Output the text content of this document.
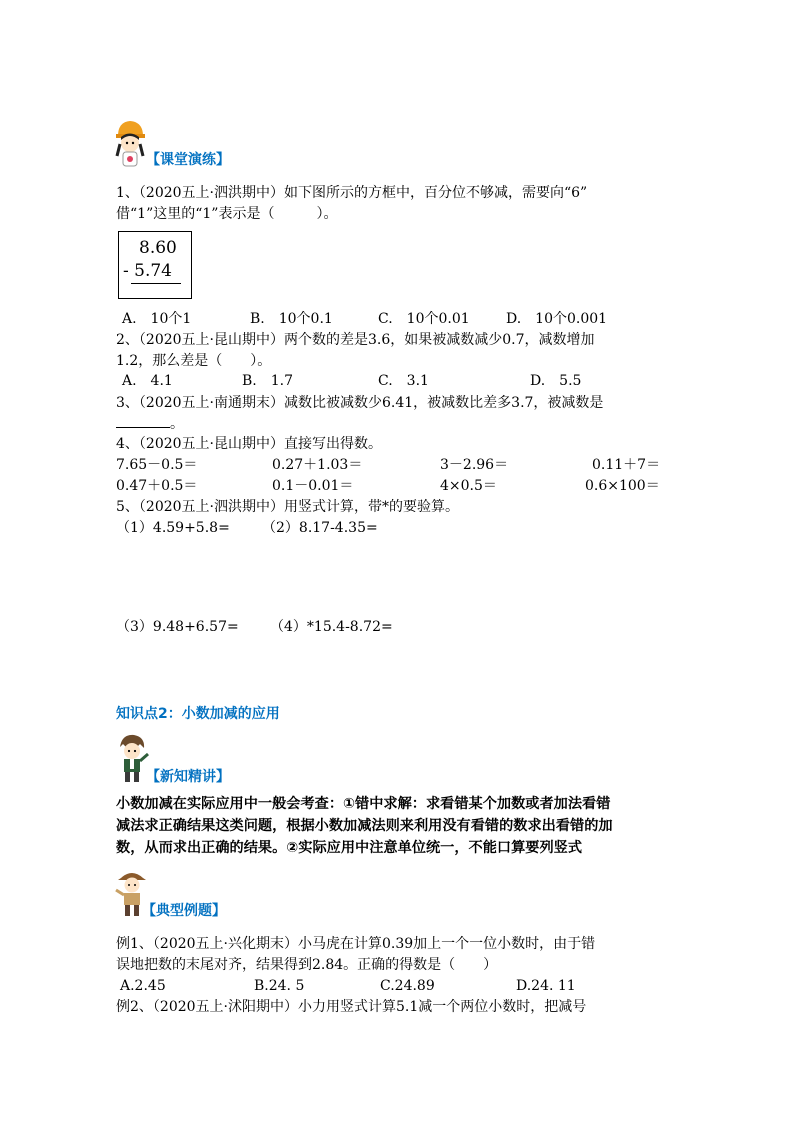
【课堂演练】
1、（2020五上·泗洪期中）如下图所示的方框中，百分位不够减，需要向“6”
借“1”这里的“1”表示是（　　　）。
8.60
- 5.74
A.　10个1	B.　10个0.1	C.　10个0.01	D.　10个0.001
2、（2020五上·昆山期中）两个数的差是3.6，如果被减数减少0.7，减数增加
1.2，那么差是（　　）。
A.　4.1	B.　1.7	C.　3.1	D.　5.5
3、（2020五上·南通期末）减数比被减数少6.41，被减数比差多3.7，被减数是
。
4、（2020五上·昆山期中）直接写出得数。
7.65－0.5＝	0.27＋1.03＝	3－2.96＝	0.11＋7＝
0.47＋0.5＝	0.1－0.01＝	4×0.5＝	0.6×100＝
5、（2020五上·泗洪期中）用竖式计算，带*的要验算。
（1）4.59+5.8= （2）8.17-4.35=
（3）9.48+6.57= （4）*15.4-8.72=
知识点2：小数加减的应用
【新知精讲】
小数加减在实际应用中一般会考查：①错中求解：求看错某个加数或者加法看错
减法求正确结果这类问题，根据小数加减法则来利用没有看错的数求出看错的加
数，从而求出正确的结果。②实际应用中注意单位统一，不能口算要列竖式
【典型例题】
例1、（2020五上·兴化期末）小马虎在计算0.39加上一个一位小数时，由于错
误地把数的末尾对齐，结果得到2.84。正确的得数是（　　）
A.2.45	B.24. 5	C.24.89	D.24. 11
例2、（2020五上·沭阳期中）小力用竖式计算5.1减一个两位小数时，把减号
